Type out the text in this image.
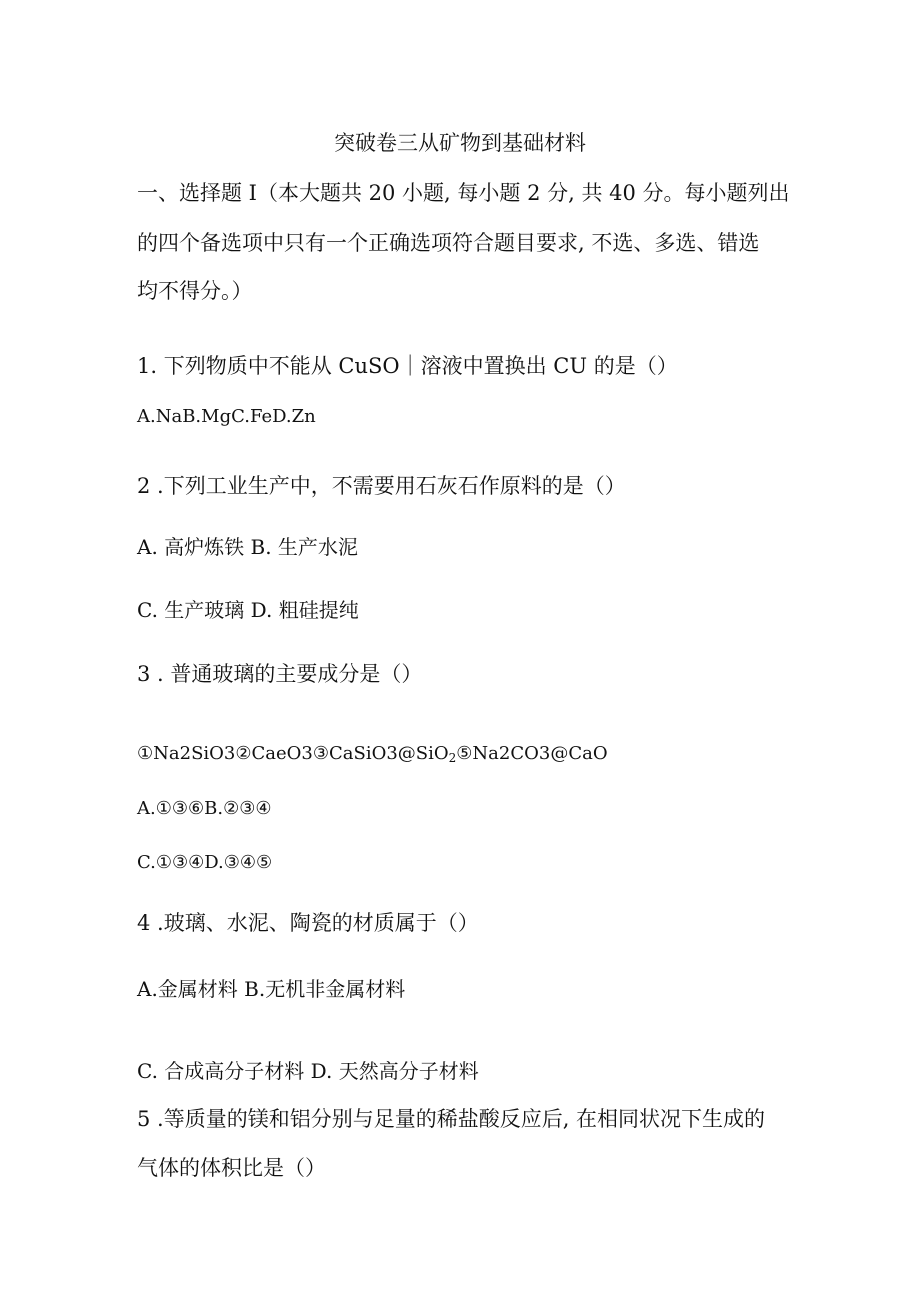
突破卷三从矿物到基础材料

一、选择题 I（本大题共 20 小题, 每小题 2 分, 共 40 分。每小题列出

的四个备选项中只有一个正确选项符合题目要求, 不选、多选、错选

均不得分。）

1. 下列物质中不能从 CuSO｜溶液中置换出 CU 的是（）

A.NaB.MgC.FeD.Zn

2 .下列工业生产中，不需要用石灰石作原料的是（）

A. 高炉炼铁 B. 生产水泥

C. 生产玻璃 D. 粗硅提纯

3 . 普通玻璃的主要成分是（）

①Na2SiO3②CaeO3③CaSiO3@SiO$_2$⑤Na2CO3@CaO

A.①③⑥B.②③④

C.①③④D.③④⑤

4 .玻璃、水泥、陶瓷的材质属于（）

A.金属材料 B.无机非金属材料

C. 合成高分子材料 D. 天然高分子材料

5 .等质量的镁和铝分别与足量的稀盐酸反应后, 在相同状况下生成的

气体的体积比是（）
